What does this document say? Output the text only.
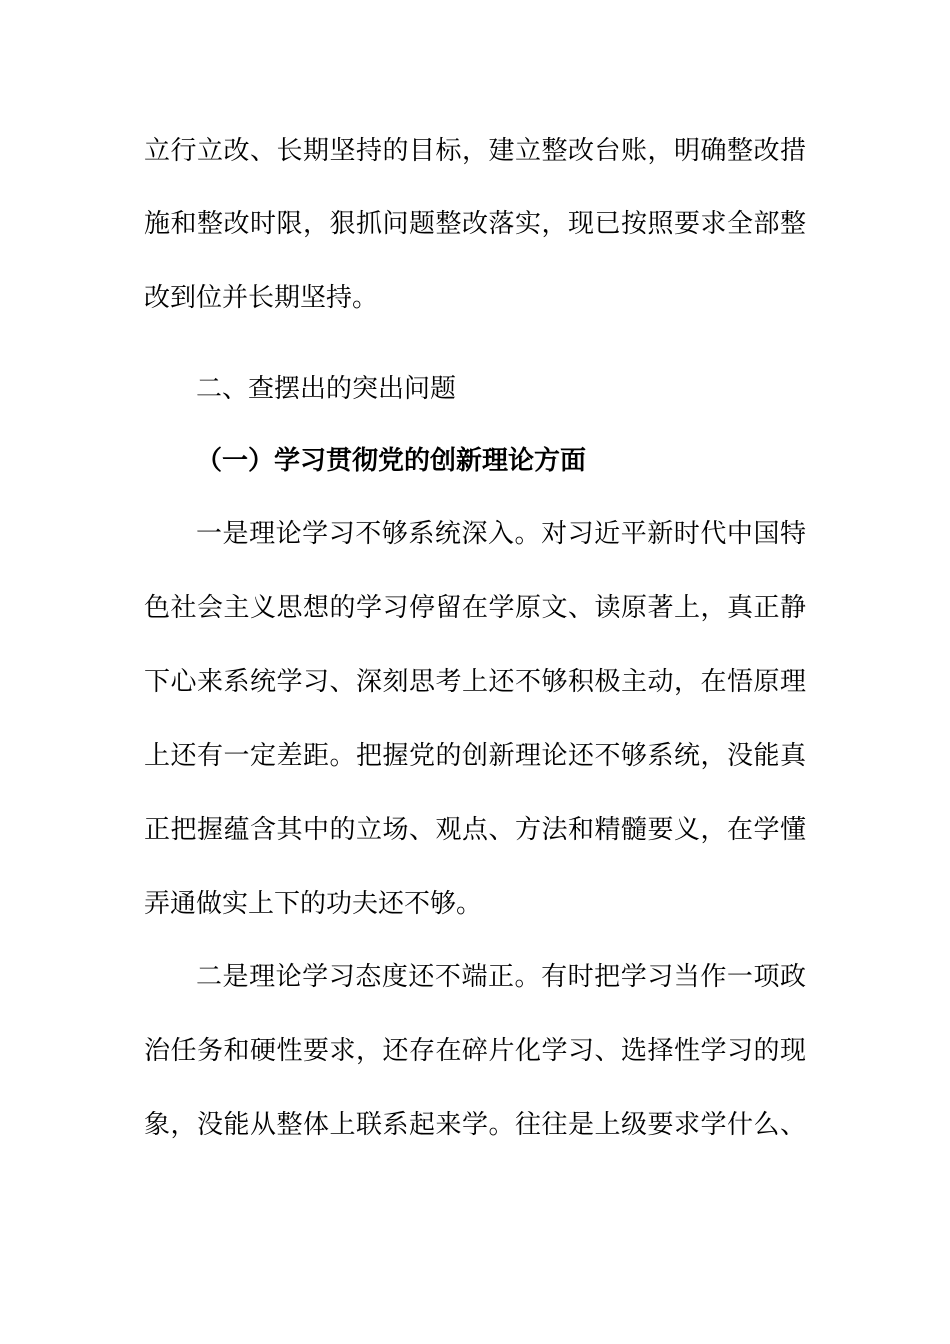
立行立改、长期坚持的目标，建立整改台账，明确整改措
施和整改时限，狠抓问题整改落实，现已按照要求全部整
改到位并长期坚持。
二、查摆出的突出问题
（一）学习贯彻党的创新理论方面
一是理论学习不够系统深入。对习近平新时代中国特
色社会主义思想的学习停留在学原文、读原著上，真正静
下心来系统学习、深刻思考上还不够积极主动，在悟原理
上还有一定差距。把握党的创新理论还不够系统，没能真
正把握蕴含其中的立场、观点、方法和精髓要义，在学懂
弄通做实上下的功夫还不够。
二是理论学习态度还不端正。有时把学习当作一项政
治任务和硬性要求，还存在碎片化学习、选择性学习的现
象，没能从整体上联系起来学。往往是上级要求学什么、
